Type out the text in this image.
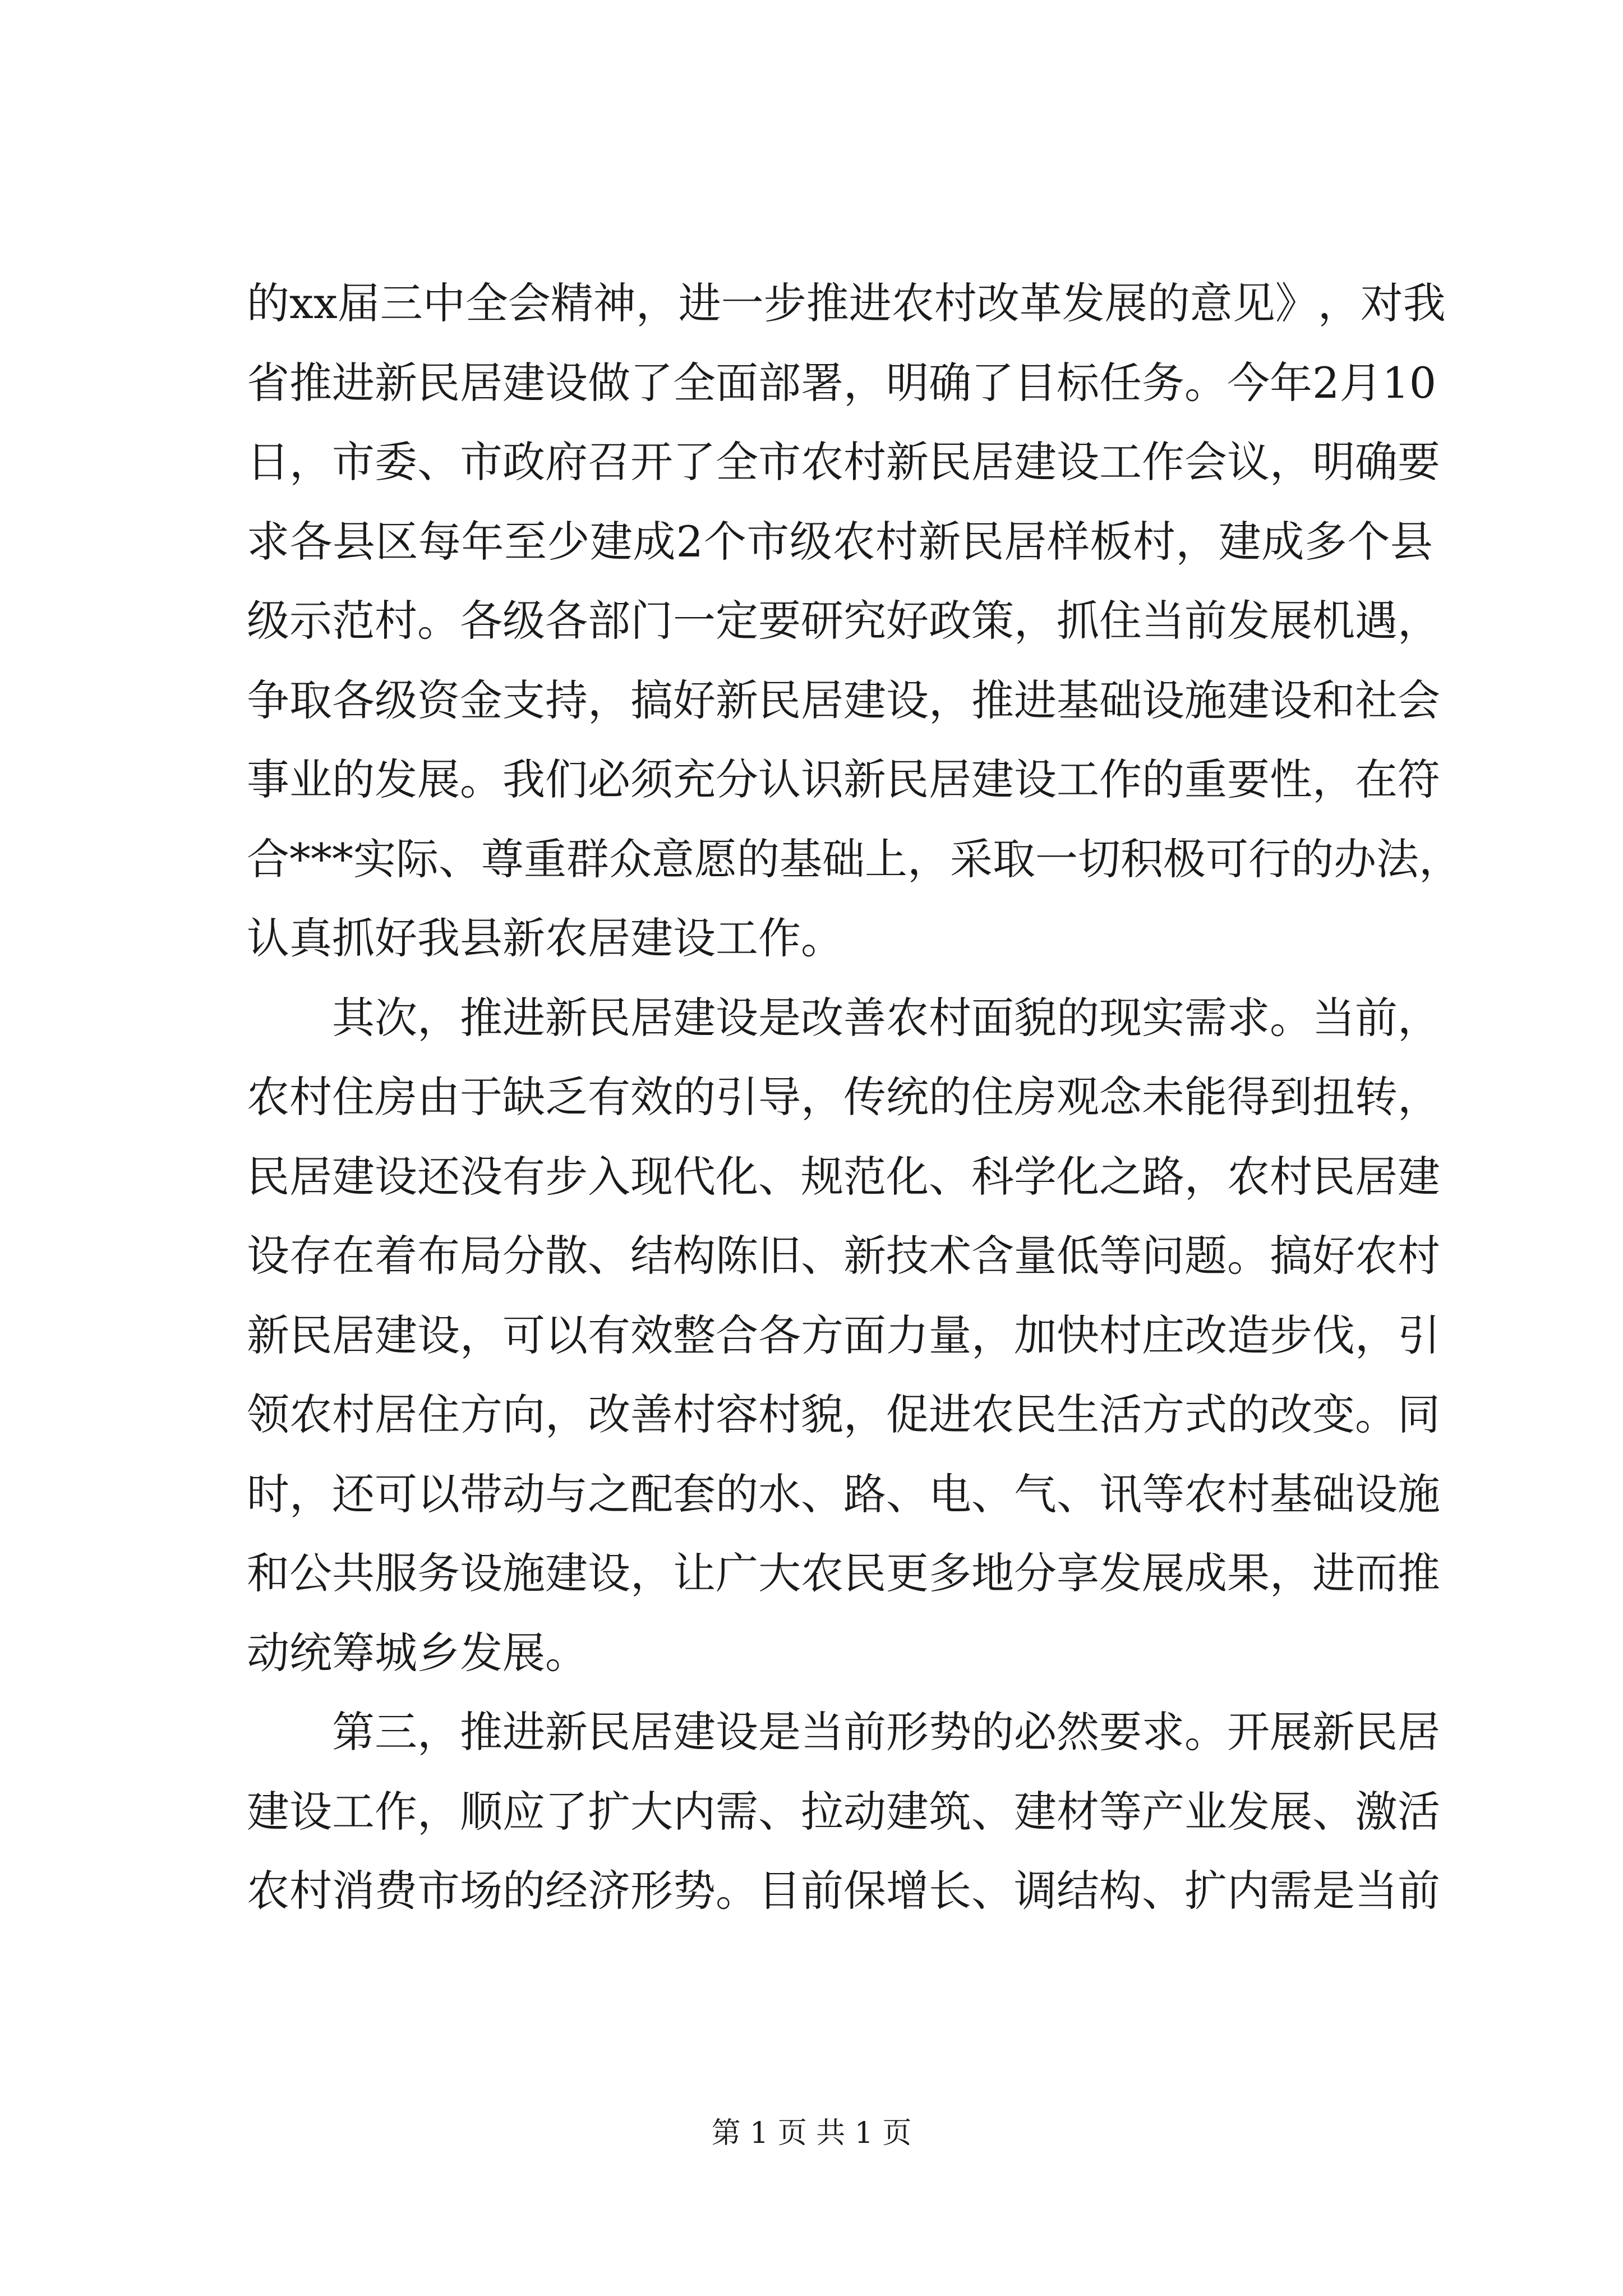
的 x x 届 三 中 全 会 精 神 ， 进 一 步 推 进 农 村 改 革 发 展 的 意 见 》 ， 对 我
省 推 进 新 民 居 建 设 做 了 全 面 部 署 ， 明 确 了 目 标 任 务 。 今 年 2 月 1 0
日 ， 市 委 、 市 政 府 召 开 了 全 市 农 村 新 民 居 建 设 工 作 会 议 ， 明 确 要
求 各 县 区 每 年 至 少 建 成 2 个 市 级 农 村 新 民 居 样 板 村 ， 建 成 多 个 县
级 示 范 村 。 各 级 各 部 门 一 定 要 研 究 好 政 策 ， 抓 住 当 前 发 展 机 遇 ，
争 取 各 级 资 金 支 持 ， 搞 好 新 民 居 建 设 ， 推 进 基 础 设 施 建 设 和 社 会
事 业 的 发 展 。 我 们 必 须 充 分 认 识 新 民 居 建 设 工 作 的 重 要 性 ， 在 符
合 * * * 实 际 、 尊 重 群 众 意 愿 的 基 础 上 ， 采 取 一 切 积 极 可 行 的 办 法 ，
认真抓好我县新农居建设工作。
其 次 ， 推 进 新 民 居 建 设 是 改 善 农 村 面 貌 的 现 实 需 求 。 当 前 ，
农 村 住 房 由 于 缺 乏 有 效 的 引 导 ， 传 统 的 住 房 观 念 未 能 得 到 扭 转 ，
民 居 建 设 还 没 有 步 入 现 代 化 、 规 范 化 、 科 学 化 之 路 ， 农 村 民 居 建
设 存 在 着 布 局 分 散 、 结 构 陈 旧 、 新 技 术 含 量 低 等 问 题 。 搞 好 农 村
新 民 居 建 设 ， 可 以 有 效 整 合 各 方 面 力 量 ， 加 快 村 庄 改 造 步 伐 ， 引
领 农 村 居 住 方 向 ， 改 善 村 容 村 貌 ， 促 进 农 民 生 活 方 式 的 改 变 。 同
时 ， 还 可 以 带 动 与 之 配 套 的 水 、 路 、 电 、 气 、 讯 等 农 村 基 础 设 施
和 公 共 服 务 设 施 建 设 ， 让 广 大 农 民 更 多 地 分 享 发 展 成 果 ， 进 而 推
动统筹城乡发展。
第 三 ， 推 进 新 民 居 建 设 是 当 前 形 势 的 必 然 要 求 。 开 展 新 民 居
建 设 工 作 ， 顺 应 了 扩 大 内 需 、 拉 动 建 筑 、 建 材 等 产 业 发 展 、 激 活
农 村 消 费 市 场 的 经 济 形 势 。 目 前 保 增 长 、 调 结 构 、 扩 内 需 是 当 前
第 1 页 共 1 页
